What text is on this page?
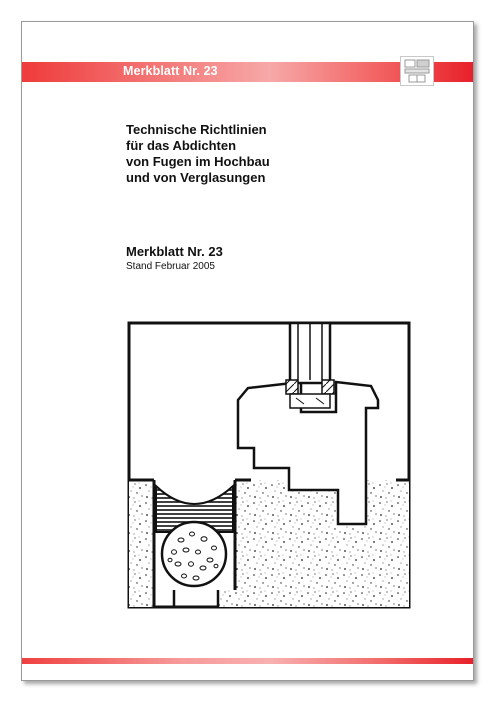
Merkblatt Nr. 23
Technische Richtlinien
für das Abdichten
von Fugen im Hochbau
und von Verglasungen
Merkblatt Nr. 23
Stand Februar 2005
